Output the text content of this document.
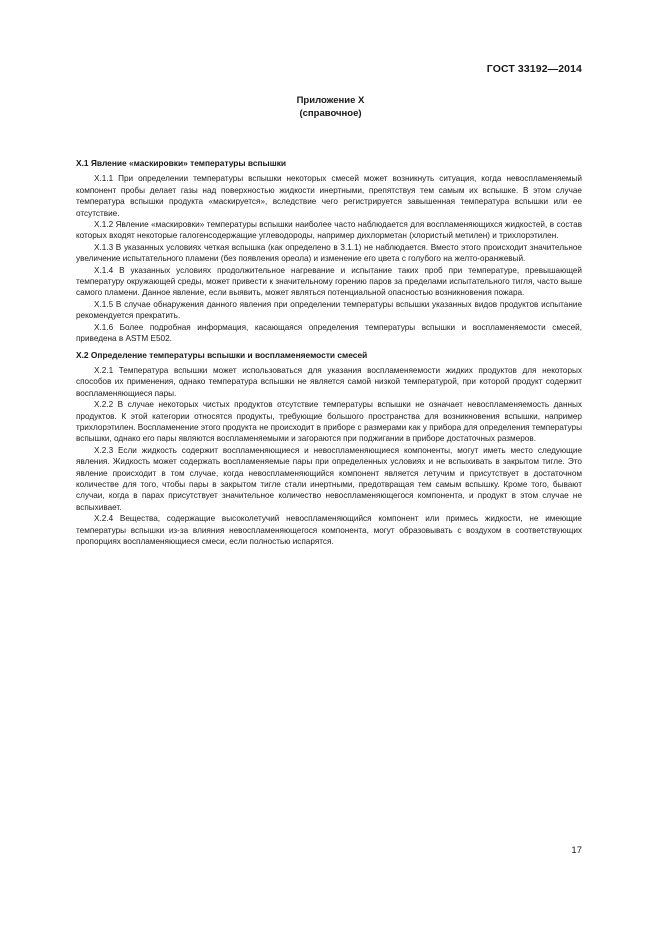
ГОСТ 33192—2014
Приложение X
(справочное)
X.1 Явление «маскировки» температуры вспышки

X.1.1 При определении температуры вспышки некоторых смесей может возникнуть ситуация, когда невоспламеняемый компонент пробы делает газы над поверхностью жидкости инертными, препятствуя тем самым их вспышке. В этом случае температура вспышки продукта «маскируется», вследствие чего регистрируется завышенная температура вспышки или ее отсутствие.

X.1.2 Явление «маскировки» температуры вспышки наиболее часто наблюдается для воспламеняющихся жидкостей, в состав которых входят некоторые галогенсодержащие углеводороды, например дихлорметан (хлористый метилен) и трихлорэтилен.

X.1.3 В указанных условиях четкая вспышка (как определено в 3.1.1) не наблюдается. Вместо этого происходит значительное увеличение испытательного пламени (без появления ореола) и изменение его цвета с голубого на желто-оранжевый.

X.1.4 В указанных условиях продолжительное нагревание и испытание таких проб при температуре, превышающей температуру окружающей среды, может привести к значительному горению паров за пределами испытательного тигля, часто выше самого пламени. Данное явление, если выявить, может являться потенциальной опасностью возникновения пожара.

X.1.5 В случае обнаружения данного явления при определении температуры вспышки указанных видов продуктов испытание рекомендуется прекратить.

X.1.6 Более подробная информация, касающаяся определения температуры вспышки и воспламеняемости смесей, приведена в ASTM E502.

X.2 Определение температуры вспышки и воспламеняемости смесей

X.2.1 Температура вспышки может использоваться для указания воспламеняемости жидких продуктов для некоторых способов их применения, однако температура вспышки не является самой низкой температурой, при которой продукт содержит воспламеняющиеся пары.

X.2.2 В случае некоторых чистых продуктов отсутствие температуры вспышки не означает невоспламеняемость данных продуктов. К этой категории относятся продукты, требующие большого пространства для возникновения вспышки, например трихлорэтилен. Воспламенение этого продукта не происходит в приборе с размерами как у прибора для определения температуры вспышки, однако его пары являются воспламеняемыми и загораются при поджигании в приборе достаточных размеров.

X.2.3 Если жидкость содержит воспламеняющиеся и невоспламеняющиеся компоненты, могут иметь место следующие явления. Жидкость может содержать воспламеняемые пары при определенных условиях и не вспыхивать в закрытом тигле. Это явление происходит в том случае, когда невоспламеняющийся компонент является летучим и присутствует в достаточном количестве для того, чтобы пары в закрытом тигле стали инертными, предотвращая тем самым вспышку. Кроме того, бывают случаи, когда в парах присутствует значительное количество невоспламеняющегося компонента, и продукт в этом случае не вспыхивает.

X.2.4 Вещества, содержащие высоколетучий невоспламеняющийся компонент или примесь жидкости, не имеющие температуры вспышки из-за влияния невоспламеняющегося компонента, могут образовывать с воздухом в соответствующих пропорциях воспламеняющиеся смеси, если полностью испарятся.

17
